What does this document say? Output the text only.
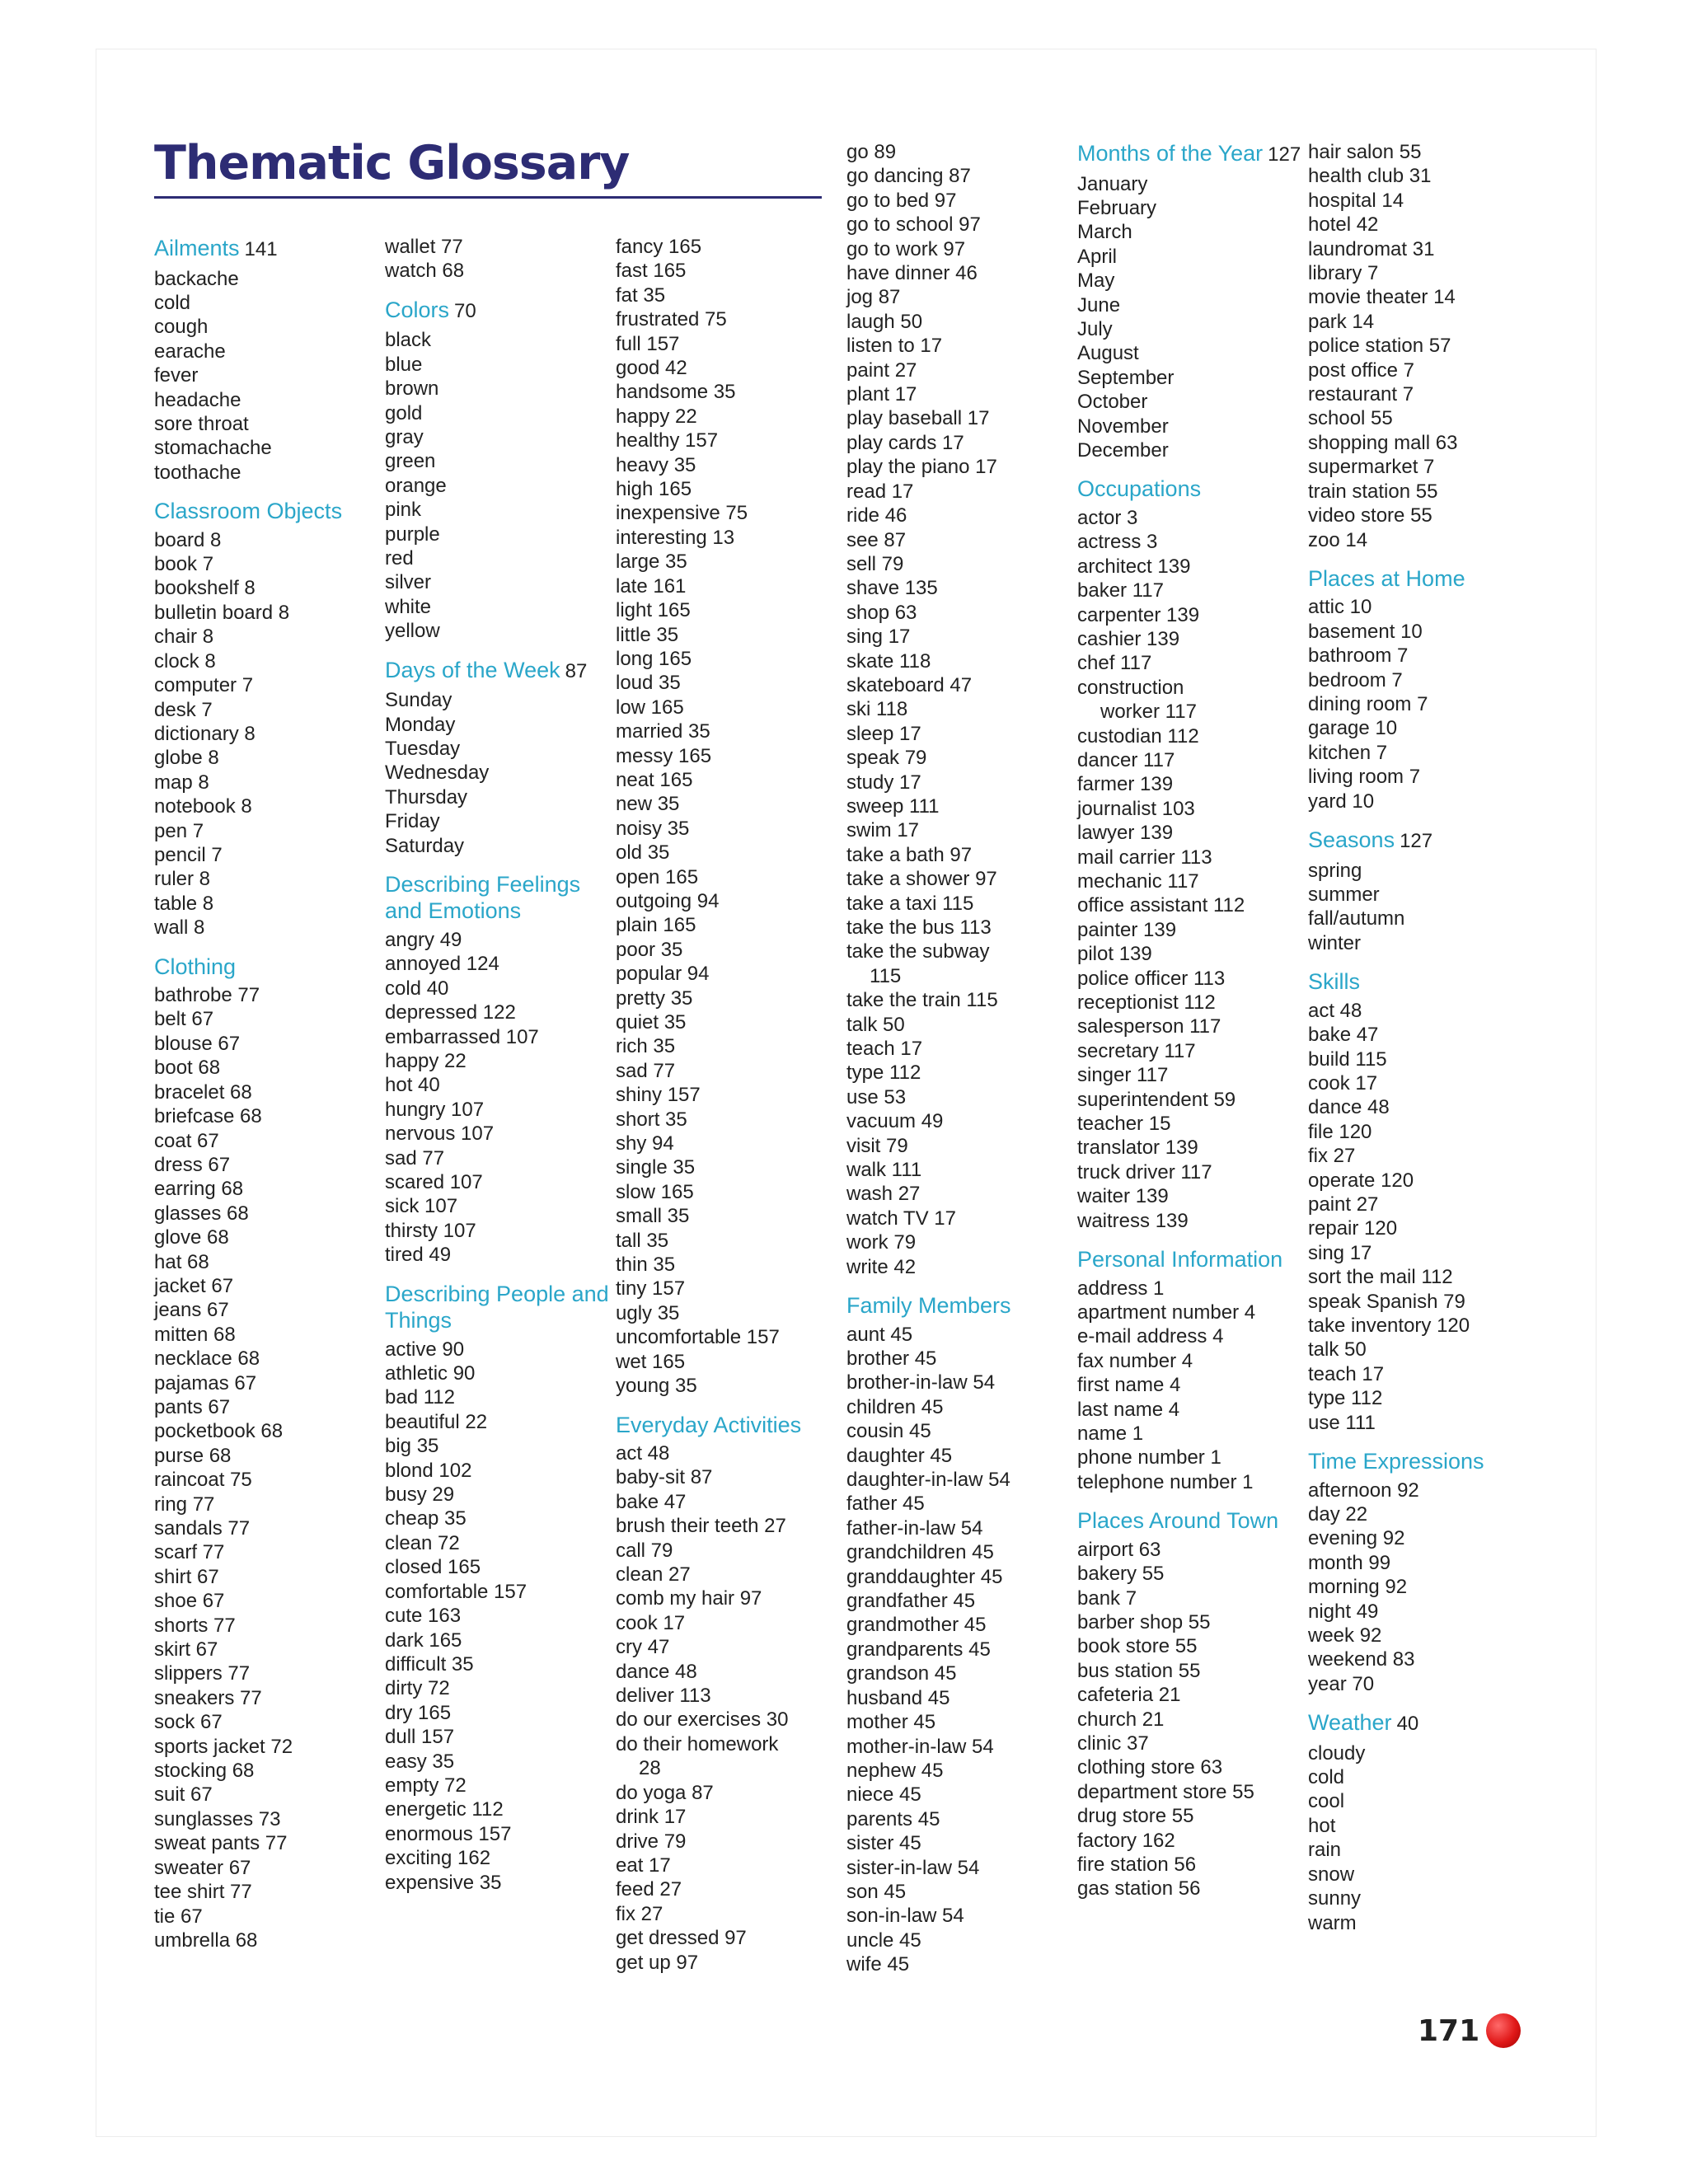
Thematic Glossary
Ailments 141
backache
cold
cough
earache
fever
headache
sore throat
stomachache
toothache
Classroom Objects
board 8
book 7
bookshelf 8
bulletin board 8
chair 8
clock 8
computer 7
desk 7
dictionary 8
globe 8
map 8
notebook 8
pen 7
pencil 7
ruler 8
table 8
wall 8
Clothing
bathrobe 77
belt 67
blouse 67
boot 68
bracelet 68
briefcase 68
coat 67
dress 67
earring 68
glasses 68
glove 68
hat 68
jacket 67
jeans 67
mitten 68
necklace 68
pajamas 67
pants 67
pocketbook 68
purse 68
raincoat 75
ring 77
sandals 77
scarf 77
shirt 67
shoe 67
shorts 77
skirt 67
slippers 77
sneakers 77
sock 67
sports jacket 72
stocking 68
suit 67
sunglasses 73
sweat pants 77
sweater 67
tee shirt 77
tie 67
umbrella 68
wallet 77
watch 68
Colors 70
black
blue
brown
gold
gray
green
orange
pink
purple
red
silver
white
yellow
Days of the Week 87
Sunday
Monday
Tuesday
Wednesday
Thursday
Friday
Saturday
Describing Feelings and Emotions
angry 49
annoyed 124
cold 40
depressed 122
embarrassed 107
happy 22
hot 40
hungry 107
nervous 107
sad 77
scared 107
sick 107
thirsty 107
tired 49
Describing People and Things
active 90
athletic 90
bad 112
beautiful 22
big 35
blond 102
busy 29
cheap 35
clean 72
closed 165
comfortable 157
cute 163
dark 165
difficult 35
dirty 72
dry 165
dull 157
easy 35
empty 72
energetic 112
enormous 157
exciting 162
expensive 35
fancy 165
fast 165
fat 35
frustrated 75
full 157
good 42
handsome 35
happy 22
healthy 157
heavy 35
high 165
inexpensive 75
interesting 13
large 35
late 161
light 165
little 35
long 165
loud 35
low 165
married 35
messy 165
neat 165
new 35
noisy 35
old 35
open 165
outgoing 94
plain 165
poor 35
popular 94
pretty 35
quiet 35
rich 35
sad 77
shiny 157
short 35
shy 94
single 35
slow 165
small 35
tall 35
thin 35
tiny 157
ugly 35
uncomfortable 157
wet 165
young 35
Everyday Activities
act 48
baby-sit 87
bake 47
brush their teeth 27
call 79
clean 27
comb my hair 97
cook 17
cry 47
dance 48
deliver 113
do our exercises 30
do their homework
28
do yoga 87
drink 17
drive 79
eat 17
feed 27
fix 27
get dressed 97
get up 97
go 89
go dancing 87
go to bed 97
go to school 97
go to work 97
have dinner 46
jog 87
laugh 50
listen to 17
paint 27
plant 17
play baseball 17
play cards 17
play the piano 17
read 17
ride 46
see 87
sell 79
shave 135
shop 63
sing 17
skate 118
skateboard 47
ski 118
sleep 17
speak 79
study 17
sweep 111
swim 17
take a bath 97
take a shower 97
take a taxi 115
take the bus 113
take the subway
115
take the train 115
talk 50
teach 17
type 112
use 53
vacuum 49
visit 79
walk 111
wash 27
watch TV 17
work 79
write 42
Family Members
aunt 45
brother 45
brother-in-law 54
children 45
cousin 45
daughter 45
daughter-in-law 54
father 45
father-in-law 54
grandchildren 45
granddaughter 45
grandfather 45
grandmother 45
grandparents 45
grandson 45
husband 45
mother 45
mother-in-law 54
nephew 45
niece 45
parents 45
sister 45
sister-in-law 54
son 45
son-in-law 54
uncle 45
wife 45
Months of the Year 127
January
February
March
April
May
June
July
August
September
October
November
December
Occupations
actor 3
actress 3
architect 139
baker 117
carpenter 139
cashier 139
chef 117
construction
worker 117
custodian 112
dancer 117
farmer 139
journalist 103
lawyer 139
mail carrier 113
mechanic 117
office assistant 112
painter 139
pilot 139
police officer 113
receptionist 112
salesperson 117
secretary 117
singer 117
superintendent 59
teacher 15
translator 139
truck driver 117
waiter 139
waitress 139
Personal Information
address 1
apartment number 4
e-mail address 4
fax number 4
first name 4
last name 4
name 1
phone number 1
telephone number 1
Places Around Town
airport 63
bakery 55
bank 7
barber shop 55
book store 55
bus station 55
cafeteria 21
church 21
clinic 37
clothing store 63
department store 55
drug store 55
factory 162
fire station 56
gas station 56
hair salon 55
health club 31
hospital 14
hotel 42
laundromat 31
library 7
movie theater 14
park 14
police station 57
post office 7
restaurant 7
school 55
shopping mall 63
supermarket 7
train station 55
video store 55
zoo 14
Places at Home
attic 10
basement 10
bathroom 7
bedroom 7
dining room 7
garage 10
kitchen 7
living room 7
yard 10
Seasons 127
spring
summer
fall/autumn
winter
Skills
act 48
bake 47
build 115
cook 17
dance 48
file 120
fix 27
operate 120
paint 27
repair 120
sing 17
sort the mail 112
speak Spanish 79
take inventory 120
talk 50
teach 17
type 112
use 111
Time Expressions
afternoon 92
day 22
evening 92
month 99
morning 92
night 49
week 92
weekend 83
year 70
Weather 40
cloudy
cold
cool
hot
rain
snow
sunny
warm
171
